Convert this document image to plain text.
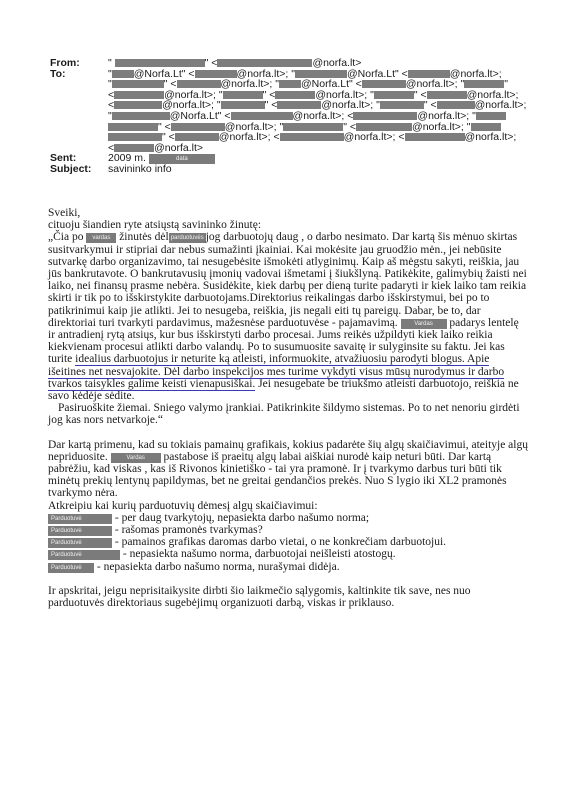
From:	"	" <	@norfa.lt>
To:	" @Norfa.Lt" <	@norfa.lt>; "	@Norfa.Lt" <	@norfa.lt>;
"	" <	@norfa.lt>; " @Norfa.Lt" <	@norfa.lt>; "	"
<	@norfa.lt>; "	" <	@norfa.lt>; "	" <	@norfa.lt>;
<	@norfa.lt>; "	" <	@norfa.lt>; "	" <	@norfa.lt>;
"	@Norfa.Lt" <	@norfa.lt>; <	@norfa.lt>; "
" <	@norfa.lt>; "	" <	@norfa.lt>; "
" <	@norfa.lt>; <	@norfa.lt>; <	@norfa.lt>;
<	@norfa.lt>
Sent:	2009 m.	data
Subject:	savininko info

Sveiki,

cituoju šiandien ryte atsiųstą savininko žinutę:

„Čia po vardas žinutės dėl parduotuvės jog darbuotojų daug , o darbo nesimato. Dar kartą šis mėnuo skirtas susitvarkymui ir stipriai dar nebus sumažinti įkainiai. Kai mokėsite jau gruodžio mėn., jei nebūsite sutvarkę darbo organizavimo, tai nesugebėsite išmokėti atlyginimų. Kaip aš mėgstu sakyti, reiškia, jau jūs bankrutavote. O bankrutavusių įmonių vadovai išmetami į šiukšlyną. Patikėkite, galimybių žaisti nei laiko, nei finansų prasme nebėra. Susidėkite, kiek darbų per dieną turite padaryti ir kiek laiko tam reikia skirti ir tik po to išskirstykite darbuotojams.Direktorius reikalingas darbo išskirstymui, bei po to patikrinimui kaip jie atlikti. Jei to nesugeba, reiškia, jis negali eiti tų pareigų. Dabar, be to, dar direktoriai turi tvarkyti pardavimus, mažesnėse parduotuvėse - pajamavimą.	Vardas padarys lentelę ir antradienį rytą atsiųs, kur bus išskirstyti darbo procesai. Jums reikės užpildyti kiek laiko reikia kiekvienam procesui atlikti darbo valandų. Po to susumuosite savaitę ir sulyginsite su faktu. Jei kas turite idealius darbuotojus ir neturite ką atleisti, informuokite, atvažiuosiu parodyti blogus. Apie išeitines net nesvajokite. Dėl darbo inspekcijos mes turime vykdyti visus mūsų nurodymus ir darbo tvarkos taisykles galime keisti vienapusiškai. Jei nesugebate be triukšmo atleisti darbuotojo, reiškia ne savo kėdėje sėdite.

Pasiruoškite žiemai. Sniego valymo įrankiai. Patikrinkite šildymo sistemas. Po to net nenoriu girdėti jog kas nors netvarkoje.“

Dar kartą primenu, kad su tokiais pamainų grafikais, kokius padarėte šių algų skaičiavimui, ateityje algų nepriduosite.	Vardas pastabose iš praeitų algų labai aiškiai nurodė kaip neturi būti. Dar kartą pabrėžiu, kad viskas , kas iš Rivonos kinietiško - tai yra pramonė. Ir į tvarkymo darbus turi būti tik minėtų prekių lentynų papildymas, bet ne greitai gendančios prekės. Nuo S lygio iki XL2 pramonės tvarkymo nėra.

Atkreipiu kai kurių parduotuvių dėmesį algų skaičiavimui:

Parduotuvė	- per daug tvarkytojų, nepasiekta darbo našumo norma;

Parduotuvė	- rašomas pramonės tvarkymas?

Parduotuvė	- pamainos grafikas daromas darbo vietai, o ne konkrečiam darbuotojui.

Parduotuvė	- nepasiekta našumo norma, darbuotojai neišleisti atostogų.

Parduotuvė - nepasiekta darbo našumo norma, nurašymai didėja.

Ir apskritai, jeigu neprisitaikysite dirbti šio laikmečio sąlygomis, kaltinkite tik save, nes nuo parduotuvės direktoriaus sugebėjimų organizuoti darbą, viskas ir priklauso.
